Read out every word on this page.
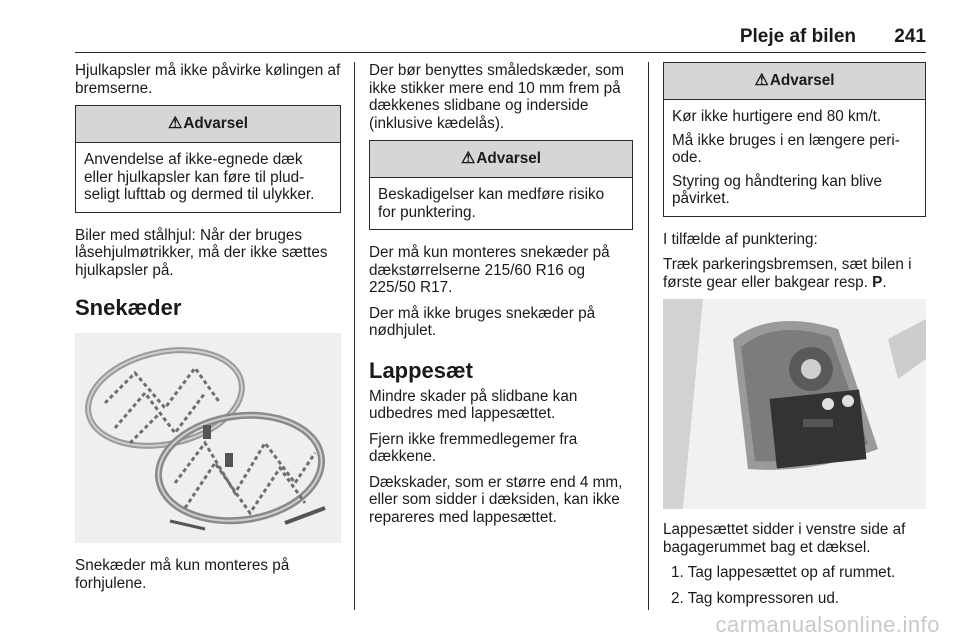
Pleje af bilen 241

Hjulkapsler må ikke påvirke kølingen af bremserne.

⚠Advarsel

Anvendelse af ikke-egnede dæk eller hjulkapsler kan føre til pludseligt lufttab og dermed til ulykker.

Biler med stålhjul: Når der bruges låsehjulmøtrikker, må der ikke sættes hjulkapsler på.

Snekæder

Snekæder må kun monteres på forhjulene.

Der bør benyttes småledskæder, som ikke stikker mere end 10 mm frem på dækkenes slidbane og inderside (inklusive kædelås).

⚠Advarsel

Beskadigelser kan medføre risiko for punktering.

Der må kun monteres snekæder på dækstørrelserne 215/60 R16 og 225/50 R17.

Der må ikke bruges snekæder på nødhjulet.

Lappesæt

Mindre skader på slidbane kan udbedres med lappesættet.

Fjern ikke fremmedlegemer fra dækkene.

Dækskader, som er større end 4 mm, eller som sidder i dæksiden, kan ikke repareres med lappesættet.

⚠Advarsel

Kør ikke hurtigere end 80 km/t.

Må ikke bruges i en længere periode.

Styring og håndtering kan blive påvirket.

I tilfælde af punktering:

Træk parkeringsbremsen, sæt bilen i første gear eller bakgear resp. P.

Lappesættet sidder i venstre side af bagagerummet bag et dæksel.

1. Tag lappesættet op af rummet.
2. Tag kompressoren ud.
carmanualsonline.info
